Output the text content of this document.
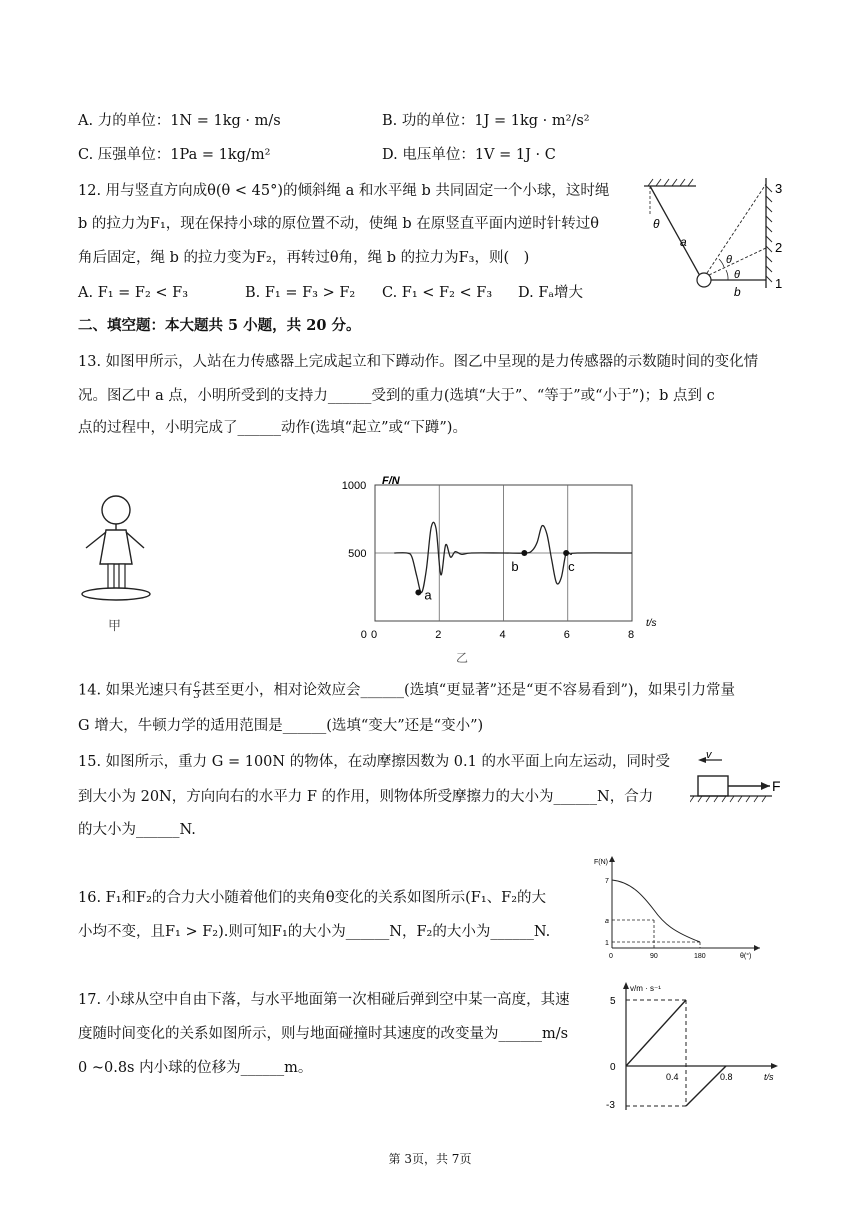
A. 力的单位：1N = 1kg · m/s	B. 功的单位：1J = 1kg · m²/s²
C. 压强单位：1Pa = 1kg/m²	D. 电压单位：1V = 1J · C
12. 用与竖直方向成θ(θ < 45°)的倾斜绳 a 和水平绳 b 共同固定一个小球，这时绳
b 的拉力为F₁，现在保持小球的原位置不动，使绳 b 在原竖直平面内逆时针转过θ
角后固定，绳 b 的拉力变为F₂，再转过θ角，绳 b 的拉力为F₃，则(　)
A. F₁ = F₂ < F₃	B. F₁ = F₃ > F₂ C. F₁ < F₂ < F₃ D. Fₐ增大
θ
a
θ
θ
b
1
2
3
二、填空题：本大题共 5 小题，共 20 分。
13. 如图甲所示，人站在力传感器上完成起立和下蹲动作。图乙中呈现的是力传感器的示数随时间的变化情
况。图乙中 a 点，小明所受到的支持力______受到的重力(选填“大于”、“等于”或“小于”)；b 点到 c
点的过程中，小明完成了______动作(选填“起立”或“下蹲”)。
甲
0	2	4	6	8
0
500
1000
a
b	c
F/N
t/s
乙
14. 如果光速只有 $\frac{c}{3}$ 甚至更小，相对论效应会______(选填“更显著”还是“更不容易看到”)，如果引力常量
G 增大，牛顿力学的适用范围是______(选填“变大”还是“变小”)
15. 如图所示，重力 G = 100N 的物体，在动摩擦因数为 0.1 的水平面上向左运动，同时受
到大小为 20N，方向向右的水平力 F 的作用，则物体所受摩擦力的大小为______N，合力
的大小为______N.
v
F
16. F₁和F₂的合力大小随着他们的夹角θ变化的关系如图所示(F₁、F₂的大
小均不变，且F₁ > F₂).则可知F₁的大小为______N，F₂的大小为______N.
F(N)
7
a
1
0	90	180	θ(°)
17. 小球从空中自由下落，与水平地面第一次相碰后弹到空中某一高度，其速
度随时间变化的关系如图所示，则与地面碰撞时其速度的改变量为______m/s
0 ~0.8s 内小球的位移为______m。
v/m · s⁻¹
5
0
-3
0.4	0.8	t/s
第 3页，共 7页
